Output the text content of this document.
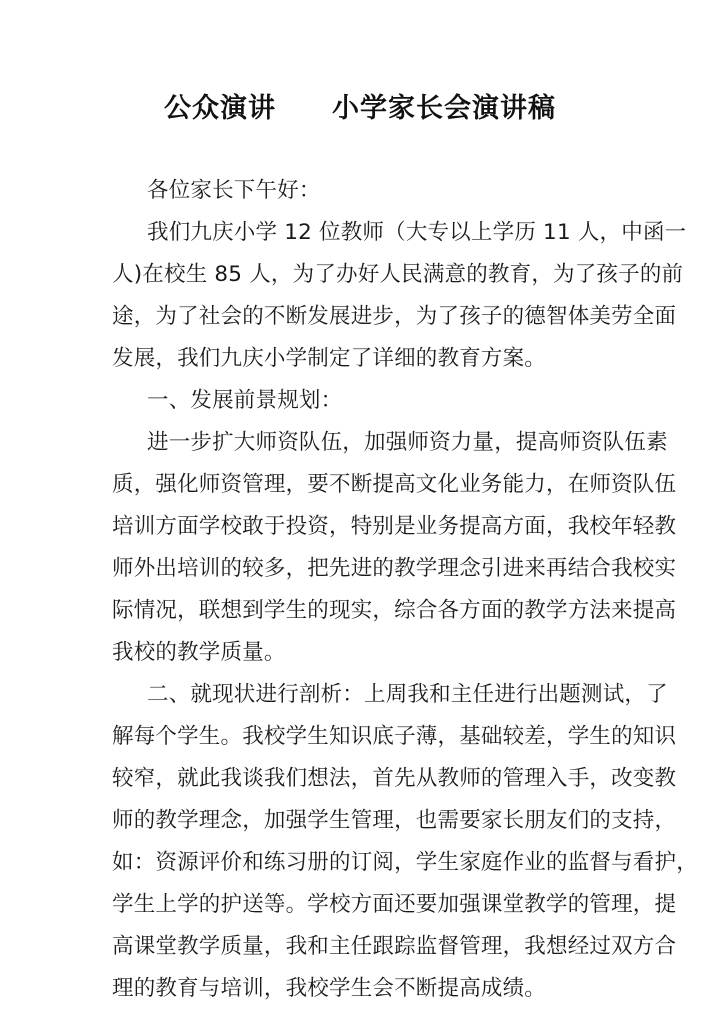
公众演讲 小学家长会演讲稿
各位家长下午好：
我们九庆小学 12 位教师（大专以上学历 11 人，中函一
人)在校生 85 人，为了办好人民满意的教育，为了孩子的前
途，为了社会的不断发展进步，为了孩子的德智体美劳全面
发展，我们九庆小学制定了详细的教育方案。
一、发展前景规划：
进一步扩大师资队伍，加强师资力量，提高师资队伍素
质，强化师资管理，要不断提高文化业务能力，在师资队伍
培训方面学校敢于投资，特别是业务提高方面，我校年轻教
师外出培训的较多，把先进的教学理念引进来再结合我校实
际情况，联想到学生的现实，综合各方面的教学方法来提高
我校的教学质量。
二、就现状进行剖析：上周我和主任进行出题测试，了
解每个学生。我校学生知识底子薄，基础较差，学生的知识
较窄，就此我谈我们想法，首先从教师的管理入手，改变教
师的教学理念，加强学生管理，也需要家长朋友们的支持，
如：资源评价和练习册的订阅，学生家庭作业的监督与看护，
学生上学的护送等。学校方面还要加强课堂教学的管理，提
高课堂教学质量，我和主任跟踪监督管理，我想经过双方合
理的教育与培训，我校学生会不断提高成绩。
